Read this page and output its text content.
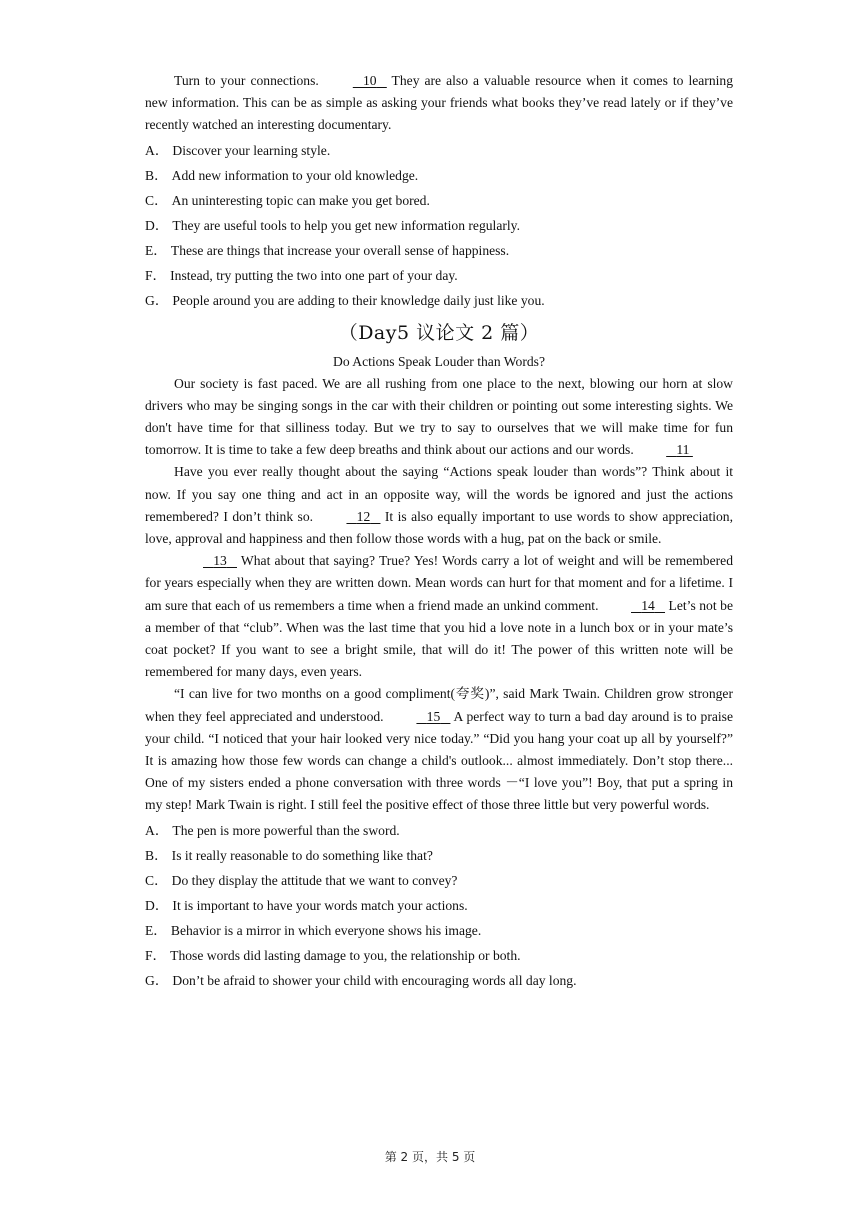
Turn to your connections.	10    They are also a valuable resource when it comes to learning new information. This can be as simple as asking your friends what books they’ve read lately or if they’ve recently watched an interesting documentary.

A． Discover your learning style.
B． Add new information to your old knowledge.
C． An uninteresting topic can make you get bored.
D． They are useful tools to help you get new information regularly.
E． These are things that increase your overall sense of happiness.
F． Instead, try putting the two into one part of your day.
G． People around you are adding to their knowledge daily just like you.
（Day5 议论文 2 篇）
Do Actions Speak Louder than Words?

Our society is fast paced. We are all rushing from one place to the next, blowing our horn at slow drivers who may be singing songs in the car with their children or pointing out some interesting sights. We don't have time for that silliness today. But we try to say to ourselves that we will make time for fun tomorrow. It is time to take a few deep breaths and think about our actions and our words.	11

Have you ever really thought about the saying “Actions speak louder than words”? Think about it now. If you say one thing and act in an opposite way, will the words be ignored and just the actions remembered? I don’t think so.	12    It is also equally important to use words to show appreciation, love, approval and happiness and then follow those words with a hug, pat on the back or smile.

13    What about that saying? True? Yes! Words carry a lot of weight and will be remembered for years especially when they are written down. Mean words can hurt for that moment and for a lifetime. I am sure that each of us remembers a time when a friend made an unkind comment.	14    Let’s not be a member of that “club”. When was the last time that you hid a love note in a lunch box or in your mate’s coat pocket? If you want to see a bright smile, that will do it! The power of this written note will be remembered for many days, even years.

“I can live for two months on a good compliment(夸奖)”, said Mark Twain. Children grow stronger when they feel appreciated and understood.	15    A perfect way to turn a bad day around is to praise your child. “I noticed that your hair looked very nice today.” “Did you hang your coat up all by yourself?” It is amazing how those few words can change a child's outlook... almost immediately. Don’t stop there... One of my sisters ended a phone conversation with three words －“I love you”! Boy, that put a spring in my step! Mark Twain is right. I still feel the positive effect of those three little but very powerful words.

A． The pen is more powerful than the sword.
B． Is it really reasonable to do something like that?
C． Do they display the attitude that we want to convey?
D． It is important to have your words match your actions.
E． Behavior is a mirror in which everyone shows his image.
F． Those words did lasting damage to you, the relationship or both.
G． Don’t be afraid to shower your child with encouraging words all day long.
第 2 页，共 5 页
